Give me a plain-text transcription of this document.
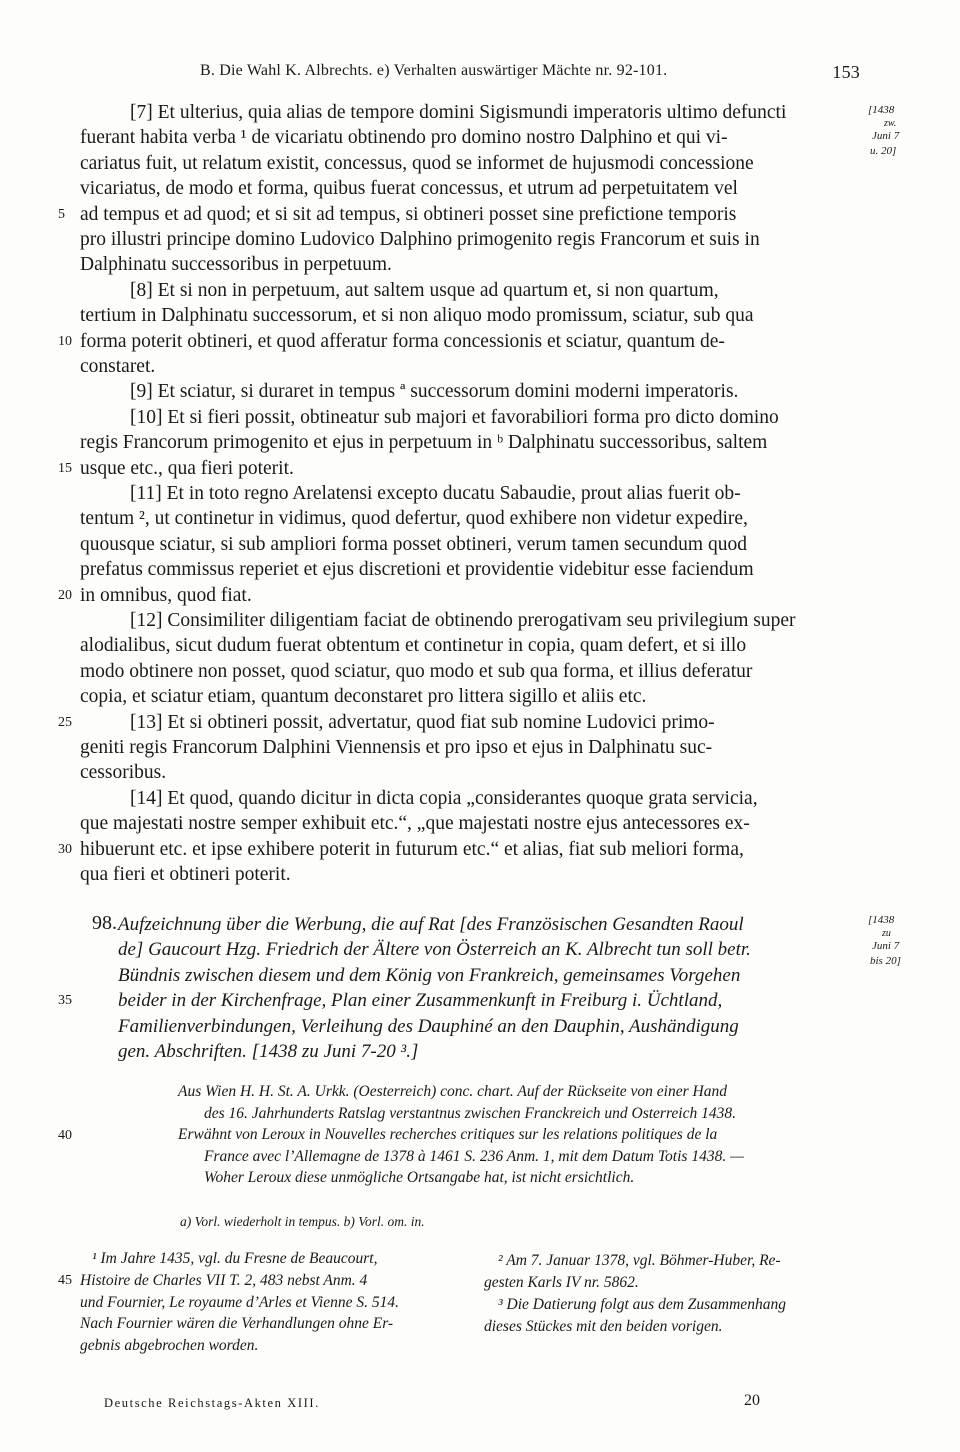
B. Die Wahl K. Albrechts. e) Verhalten auswärtiger Mächte nr. 92-101.	153
[7] Et ulterius, quia alias de tempore domini Sigismundi imperatoris ultimo defuncti
fuerant habita verba ¹ de vicariatu obtinendo pro domino nostro Dalphino et qui vi-
cariatus fuit, ut relatum existit, concessus, quod se informet de hujusmodi concessione
vicariatus, de modo et forma, quibus fuerat concessus, et utrum ad perpetuitatem vel
5 ad tempus et ad quod; et si sit ad tempus, si obtineri posset sine prefictione temporis
pro illustri principe domino Ludovico Dalphino primogenito regis Francorum et suis in
Dalphinatu successoribus in perpetuum.
[8] Et si non in perpetuum, aut saltem usque ad quartum et, si non quartum,
tertium in Dalphinatu successorum, et si non aliquo modo promissum, sciatur, sub qua
10 forma poterit obtineri, et quod afferatur forma concessionis et sciatur, quantum de-
constaret.
[9] Et sciatur, si duraret in tempus ª successorum domini moderni imperatoris.
[10] Et si fieri possit, obtineatur sub majori et favorabiliori forma pro dicto domino
regis Francorum primogenito et ejus in perpetuum in ᵇ Dalphinatu successoribus, saltem
15 usque etc., qua fieri poterit.
[11] Et in toto regno Arelatensi excepto ducatu Sabaudie, prout alias fuerit ob-
tentum ², ut continetur in vidimus, quod defertur, quod exhibere non videtur expedire,
quousque sciatur, si sub ampliori forma posset obtineri, verum tamen secundum quod
prefatus commissus reperiet et ejus discretioni et providentie videbitur esse faciendum
20 in omnibus, quod fiat.
[12] Consimiliter diligentiam faciat de obtinendo prerogativam seu privilegium super
alodialibus, sicut dudum fuerat obtentum et continetur in copia, quam defert, et si illo
modo obtinere non posset, quod sciatur, quo modo et sub qua forma, et illius deferatur
copia, et sciatur etiam, quantum deconstaret pro littera sigillo et aliis etc.
25	[13] Et si obtineri possit, advertatur, quod fiat sub nomine Ludovici primo-
geniti regis Francorum Dalphini Viennensis et pro ipso et ejus in Dalphinatu suc-
cessoribus.
[14] Et quod, quando dicitur in dicta copia „considerantes quoque grata servicia,
que majestati nostre semper exhibuit etc.“, „que majestati nostre ejus antecessores ex-
30 hibuerunt etc. et ipse exhibere poterit in futurum etc.“ et alias, fiat sub meliori forma,
qua fieri et obtineri poterit.
[1438
zw.
Juni 7
u. 20]
98. Aufzeichnung über die Werbung, die auf Rat [des Französischen Gesandten Raoul
de] Gaucourt Hzg. Friedrich der Ältere von Österreich an K. Albrecht tun soll betr.
Bündnis zwischen diesem und dem König von Frankreich, gemeinsames Vorgehen
35	beider in der Kirchenfrage, Plan einer Zusammenkunft in Freiburg i. Üchtland,
Familienverbindungen, Verleihung des Dauphiné an den Dauphin, Aushändigung
gen. Abschriften. [1438 zu Juni 7-20 ³.]
[1438
zu
Juni 7
bis 20]
Aus Wien H. H. St. A. Urkk. (Oesterreich) conc. chart. Auf der Rückseite von einer Hand
des 16. Jahrhunderts Ratslag verstantnus zwischen Franckreich und Osterreich 1438.
40	Erwähnt von Leroux in Nouvelles recherches critiques sur les relations politiques de la
France avec l’Allemagne de 1378 à 1461 S. 236 Anm. 1, mit dem Datum Totis 1438. —
Woher Leroux diese unmögliche Ortsangabe hat, ist nicht ersichtlich.
a) Vorl. wiederholt in tempus. b) Vorl. om. in.
¹ Im Jahre 1435, vgl. du Fresne de Beaucourt,
45 Histoire de Charles VII T. 2, 483 nebst Anm. 4
und Fournier, Le royaume d’Arles et Vienne S. 514.
Nach Fournier wären die Verhandlungen ohne Er-
gebnis abgebrochen worden.
² Am 7. Januar 1378, vgl. Böhmer-Huber, Re-
gesten Karls IV nr. 5862.
³ Die Datierung folgt aus dem Zusammenhang
dieses Stückes mit den beiden vorigen.
Deutsche Reichstags-Akten XIII.	20
